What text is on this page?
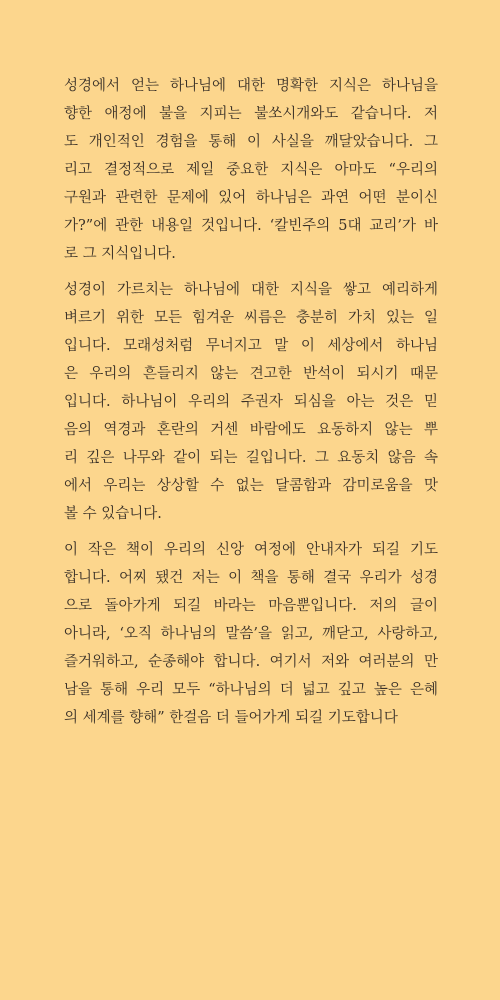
성경에서 얻는 하나님에 대한 명확한 지식은 하나님을
향한 애정에 불을 지피는 불쏘시개와도 같습니다. 저
도 개인적인 경험을 통해 이 사실을 깨달았습니다. 그
리고 결정적으로 제일 중요한 지식은 아마도 “우리의
구원과 관련한 문제에 있어 하나님은 과연 어떤 분이신
가?”에 관한 내용일 것입니다. ‘칼빈주의 5대 교리’가 바
로 그 지식입니다.
성경이 가르치는 하나님에 대한 지식을 쌓고 예리하게
벼르기 위한 모든 힘겨운 씨름은 충분히 가치 있는 일
입니다. 모래성처럼 무너지고 말 이 세상에서 하나님
은 우리의 흔들리지 않는 견고한 반석이 되시기 때문
입니다. 하나님이 우리의 주권자 되심을 아는 것은 믿
음의 역경과 혼란의 거센 바람에도 요동하지 않는 뿌
리 깊은 나무와 같이 되는 길입니다. 그 요동치 않음 속
에서 우리는 상상할 수 없는 달콤함과 감미로움을 맛
볼 수 있습니다.
이 작은 책이 우리의 신앙 여정에 안내자가 되길 기도
합니다. 어찌 됐건 저는 이 책을 통해 결국 우리가 성경
으로 돌아가게 되길 바라는 마음뿐입니다. 저의 글이
아니라, ‘오직 하나님의 말씀’을 읽고, 깨닫고, 사랑하고,
즐거워하고, 순종해야 합니다. 여기서 저와 여러분의 만
남을 통해 우리 모두 “하나님의 더 넓고 깊고 높은 은혜
의 세계를 향해” 한걸음 더 들어가게 되길 기도합니다
